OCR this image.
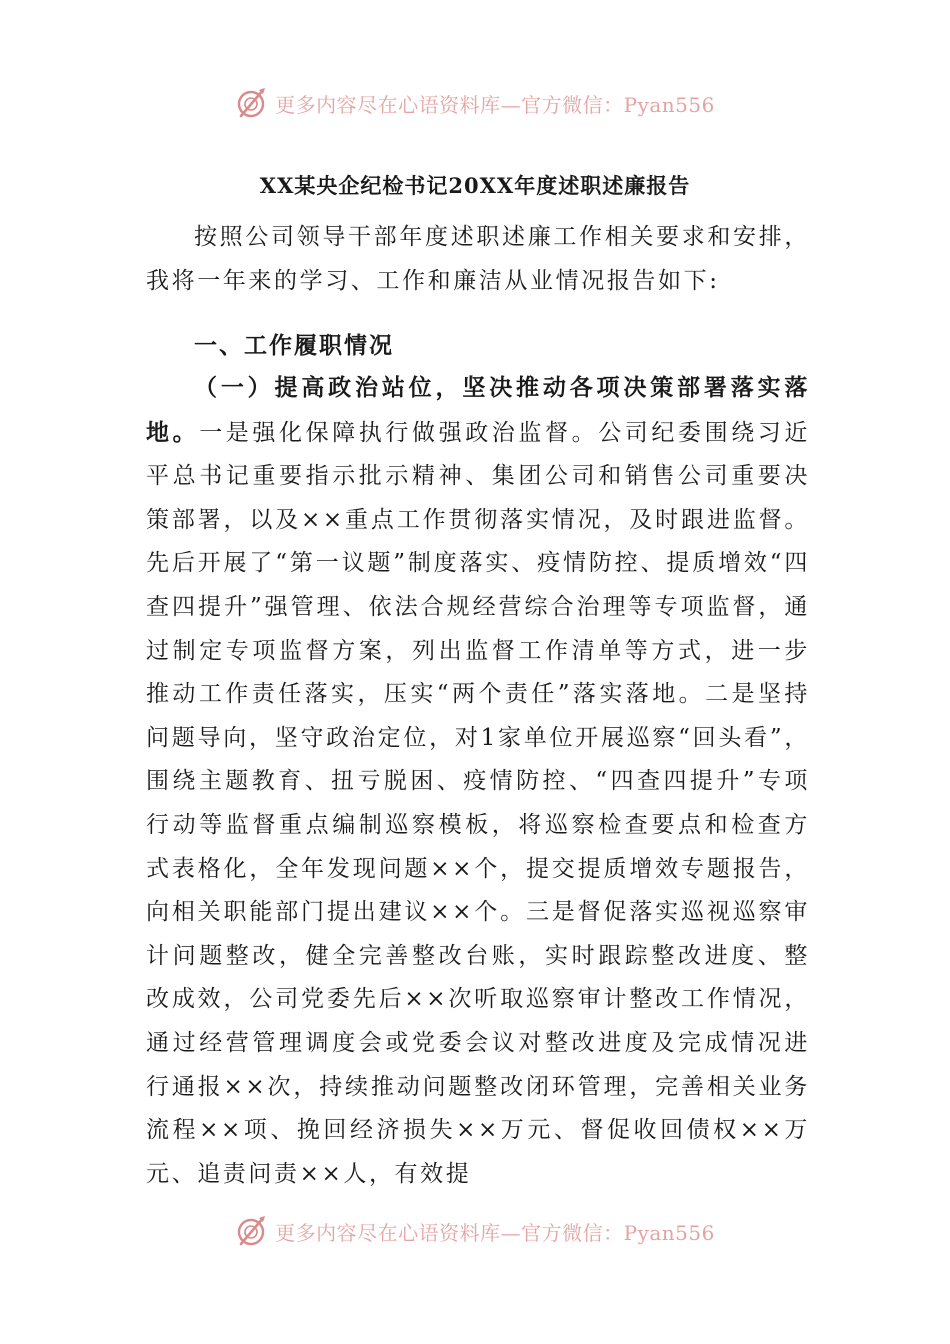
更多内容尽在心语资料库—官方微信：Pyan556
XX某央企纪检书记20XX年度述职述廉报告

按照公司领导干部年度述职述廉工作相关要求和安排，我将一年来的学习、工作和廉洁从业情况报告如下:

一、工作履职情况

（一）提高政治站位，坚决推动各项决策部署落实落地。一是强化保障执行做强政治监督。公司纪委围绕习近平总书记重要指示批示精神、集团公司和销售公司重要决策部署，以及××重点工作贯彻落实情况，及时跟进监督。先后开展了“第一议题”制度落实、疫情防控、提质增效“四查四提升”强管理、依法合规经营综合治理等专项监督，通过制定专项监督方案，列出监督工作清单等方式，进一步推动工作责任落实，压实“两个责任”落实落地。二是坚持问题导向，坚守政治定位，对1家单位开展巡察“回头看”，围绕主题教育、扭亏脱困、疫情防控、“四查四提升”专项行动等监督重点编制巡察模板，将巡察检查要点和检查方式表格化，全年发现问题××个，提交提质增效专题报告，向相关职能部门提出建议××个。三是督促落实巡视巡察审计问题整改，健全完善整改台账，实时跟踪整改进度、整改成效，公司党委先后××次听取巡察审计整改工作情况，通过经营管理调度会或党委会议对整改进度及完成情况进行通报××次，持续推动问题整改闭环管理，完善相关业务流程××项、挽回经济损失××万元、督促收回债权××万元、追责问责××人，有效提

更多内容尽在心语资料库—官方微信：Pyan556
